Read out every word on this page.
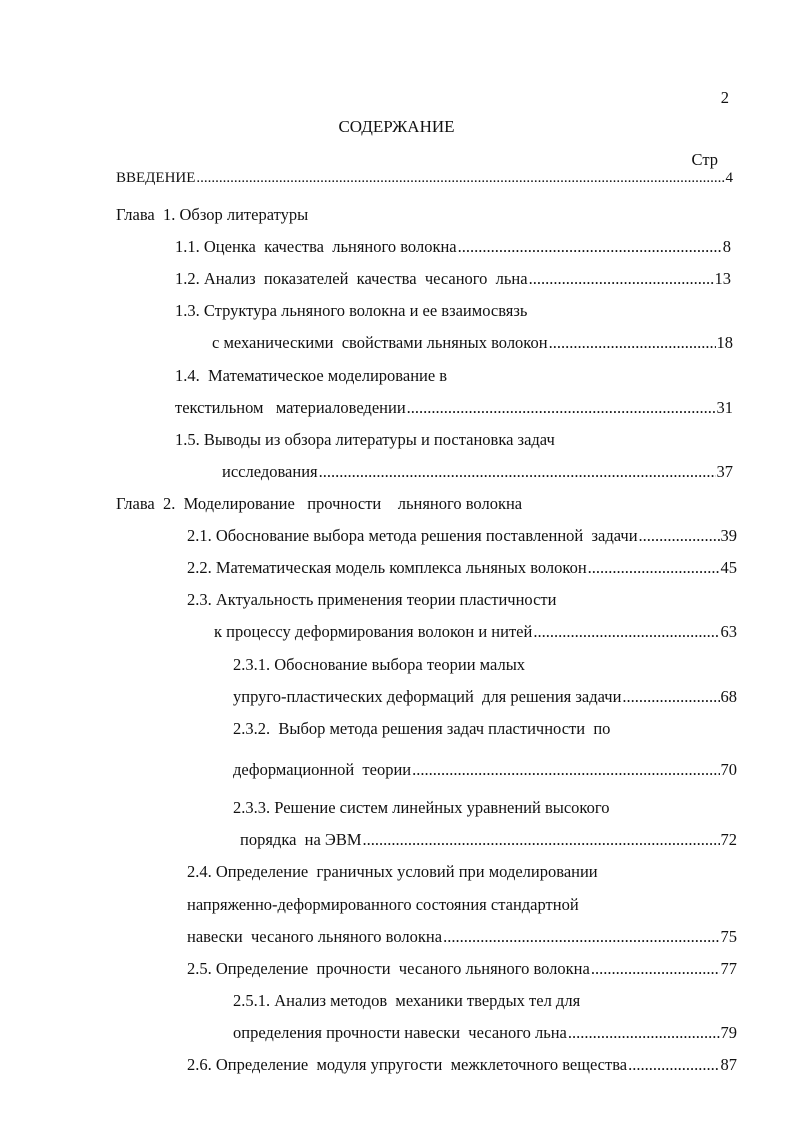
2
СОДЕРЖАНИЕ
Стр
ВВЕДЕНИЕ .....	4
Глава  1. Обзор литературы
1.1. Оценка  качества  льняного волокна .....	8
1.2. Анализ  показателей  качества  чесаного  льна .....	13
1.3. Структура льняного волокна и ее взаимосвязь
с механическими  свойствами льняных волокон .....	18
1.4.  Математическое моделирование в
текстильном   материаловедении .....	31
1.5. Выводы из обзора литературы и постановка задач
исследования .....	37
Глава  2.  Моделирование   прочности    льняного волокна
2.1. Обоснование выбора метода решения поставленной  задачи .....	39
2.2. Математическая модель комплекса льняных волокон .....	45
2.3. Актуальность применения теории пластичности
к процессу деформирования волокон и нитей .....	63
2.3.1. Обоснование выбора теории малых
упруго-пластических деформаций  для решения задачи .....	68
2.3.2.  Выбор метода решения задач пластичности  по
деформационной  теории .....	70
2.3.3. Решение систем линейных уравнений высокого
порядка  на ЭВМ .....	72
2.4. Определение  граничных условий при моделировании
напряженно-деформированного состояния стандартной
навески  чесаного льняного волокна .....	75
2.5. Определение  прочности  чесаного льняного волокна .....	77
2.5.1. Анализ методов  механики твердых тел для
определения прочности навески  чесаного льна .....	79
2.6. Определение  модуля упругости  межклеточного вещества .....	87
